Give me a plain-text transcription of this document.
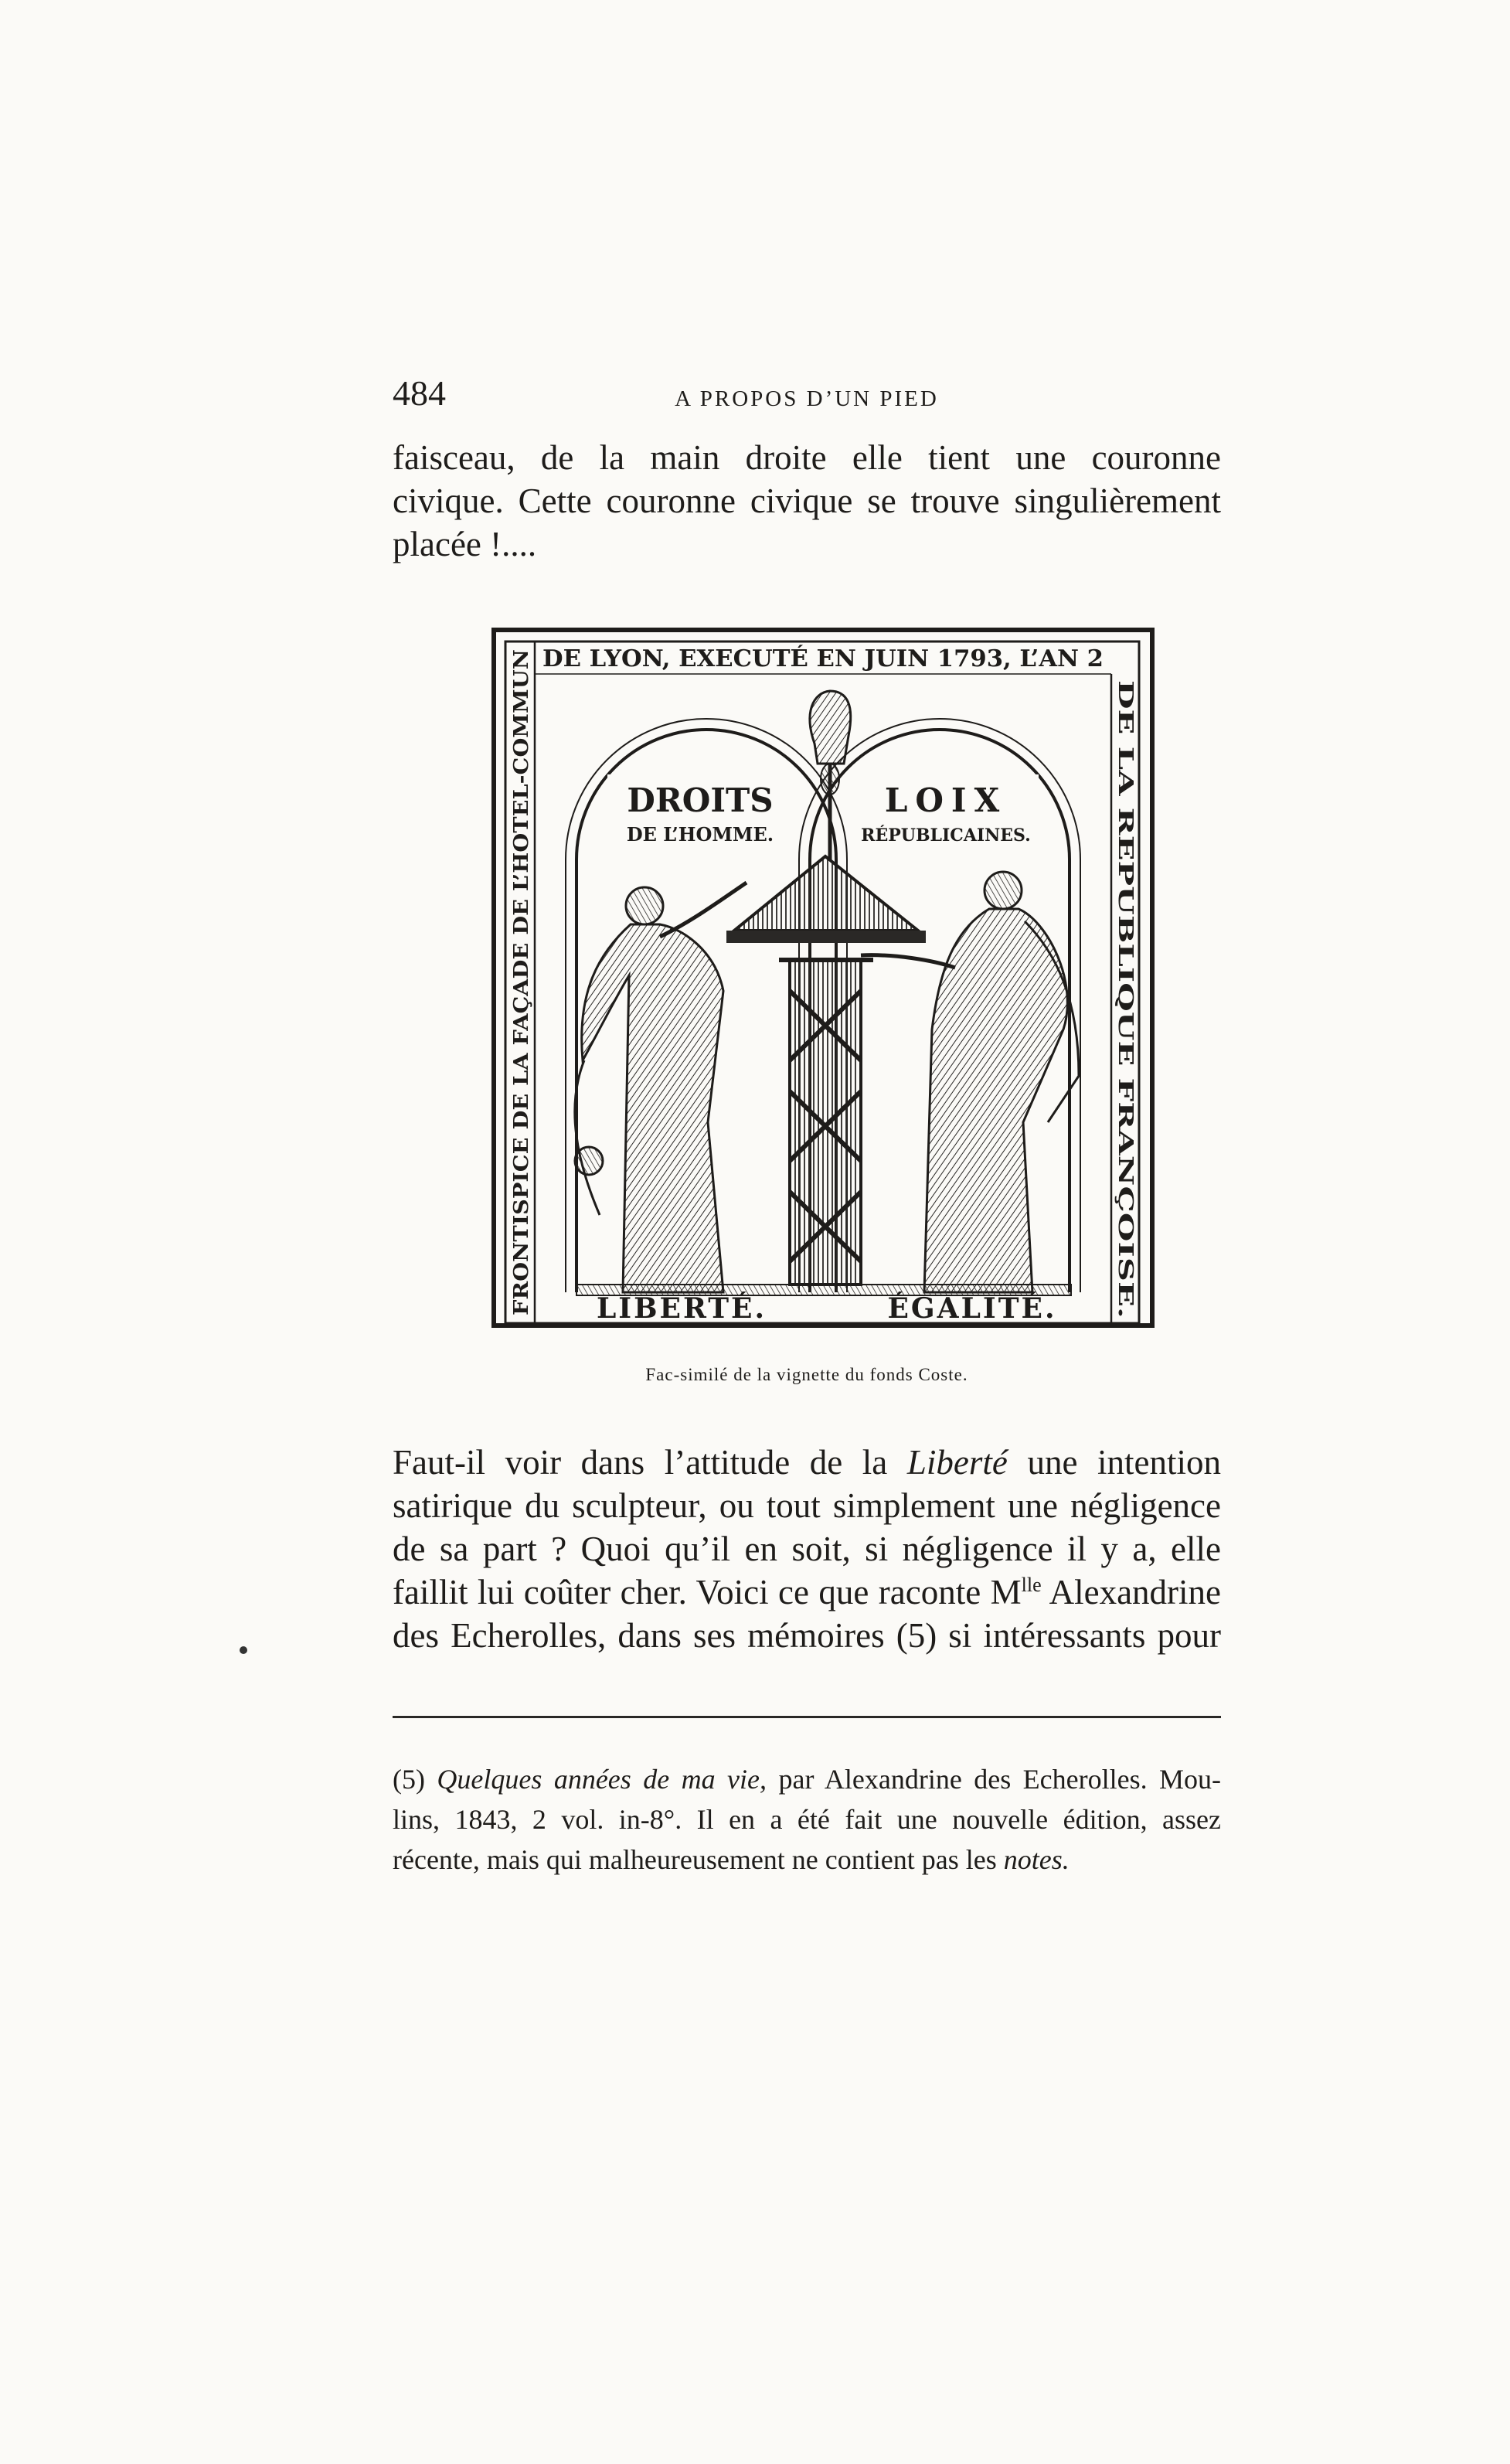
484	A PROPOS D’UN PIED
faisceau, de la main droite elle tient une couronne
civique. Cette couronne civique se trouve singulièrement
placée !....
DE LYON, EXECUTÉ EN JUIN 1793, L’AN 2
FRONTISPICE DE LA FAÇADE DE L’HOTEL-COMMUN	DE LA REPUBLIQUE FRANÇOISE.
DROITS
DE L’HOMME.
LOIX
RÉPUBLICAINES.
LIBERTÉ.	ÉGALITÉ.
Fac-similé de la vignette du fonds Coste.
Faut-il voir dans l’attitude de la Liberté une intention
satirique du sculpteur, ou tout simplement une négligence
de sa part ? Quoi qu’il en soit, si négligence il y a, elle
faillit lui coûter cher. Voici ce que raconte $M^{lle}$ Alexandrine
des Echerolles, dans ses mémoires (5) si intéressants pour
(5) Quelques années de ma vie, par Alexandrine des Echerolles. Mou-
lins, 1843, 2 vol. in-8°. Il en a été fait une nouvelle édition, assez
récente, mais qui malheureusement ne contient pas les notes.
